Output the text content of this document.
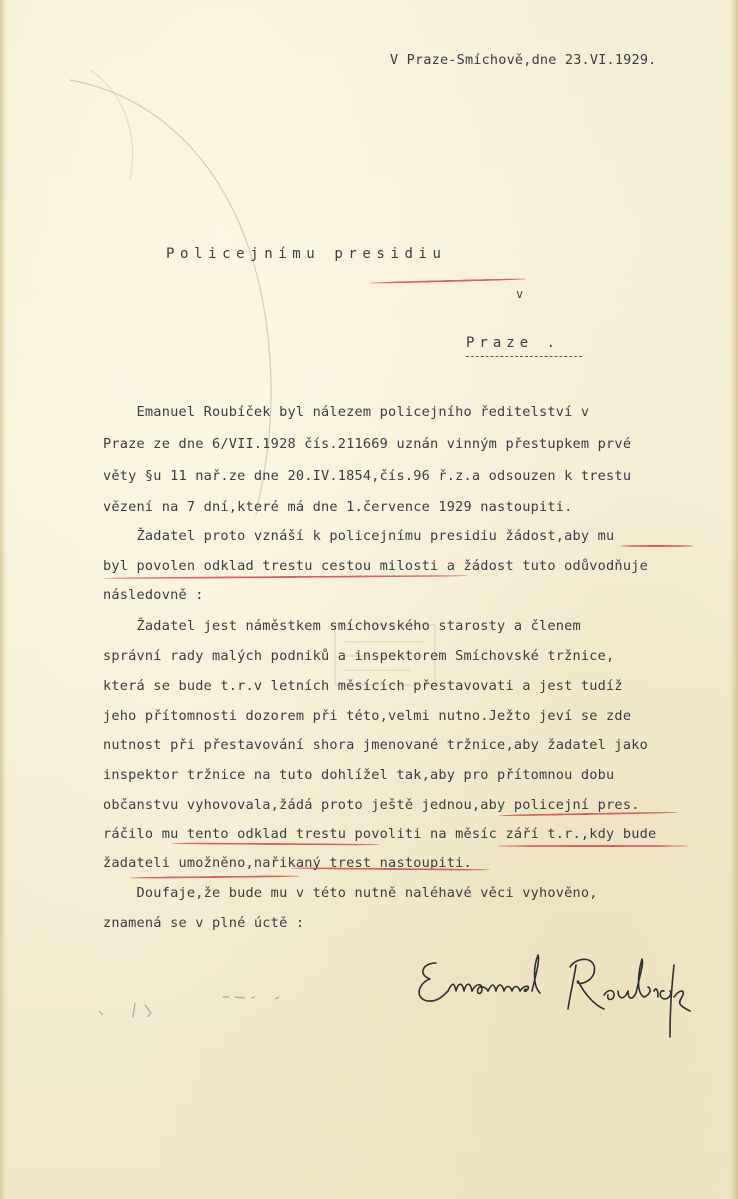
V Praze-Smíchově,dne 23.VI.1929.
Policejnímu presidiu
v
Praze .
Emanuel Roubíček byl nálezem policejního ředitelství v
Praze ze dne 6/VII.1928 čís.211669 uznán vinným přestupkem prvé
věty §u 11 nař.ze dne 20.IV.1854,čís.96 ř.z.a odsouzen k trestu
vězení na 7 dní,které má dne 1.července 1929 nastoupiti.
Žadatel proto vznáší k policejnímu presidiu žádost,aby mu
byl povolen odklad trestu cestou milosti a žádost tuto odůvodňuje
následovně :
Žadatel jest náměstkem smíchovského starosty a členem
správní rady malých podniků a inspektorem Smíchovské tržnice,
která se bude t.r.v letních měsících přestavovati a jest tudíž
jeho přítomnosti dozorem při této,velmi nutno.Ježto jeví se zde
nutnost při přestavování shora jmenované tržnice,aby žadatel jako
inspektor tržnice na tuto dohlížel tak,aby pro přítomnou dobu
občanstvu vyhovovala,žádá proto ještě jednou,aby policejní pres.
ráčilo mu tento odklad trestu povoliti na měsíc září t.r.,kdy bude
žadateli umožněno,nařikaný trest nastoupiti.
Doufaje,že bude mu v této nutně naléhavé věci vyhověno,
znamená se v plné úctě :
